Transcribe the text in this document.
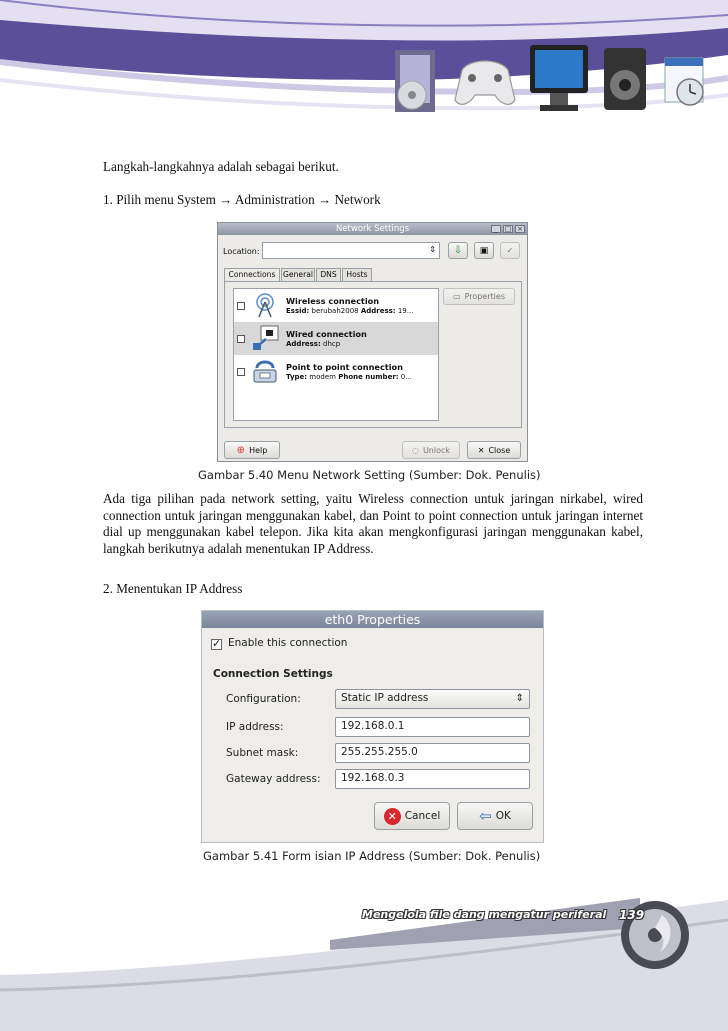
Langkah-langkahnya adalah sebagai berikut.
1. Pilih menu System → Administration → Network
Network Settings	_ □ ×
Location:	⇕ ⇩ ▣ ✓
Connections General DNS	Hosts
Wireless connection
Essid: berubah2008 Address: 19...
Wired connection
Address: dhcp
Point to point connection
Type: modem Phone number: 0...
▭ Properties
⊕ Help	◌ Unlock	✕ Close
Gambar 5.40 Menu Network Setting (Sumber: Dok. Penulis)
Ada tiga pilihan pada network setting, yaitu Wireless connection untuk jaringan nirkabel, wired connection untuk jaringan menggunakan kabel, dan Point to point connection untuk jaringan internet dial up menggunakan kabel telepon. Jika kita akan mengkonfigurasi jaringan menggunakan kabel, langkah berikutnya adalah menentukan IP Address.
2. Menentukan IP Address
eth0 Properties
✓ Enable this connection
Connection Settings
Configuration:	Static IP address	⇕
IP address:	192.168.0.1
Subnet mask:	255.255.255.0
Gateway address:	192.168.0.3
✕ Cancel	⇦ OK
Gambar 5.41 Form isian IP Address (Sumber: Dok. Penulis)
Mengelola file dang mengatur periferal 139
